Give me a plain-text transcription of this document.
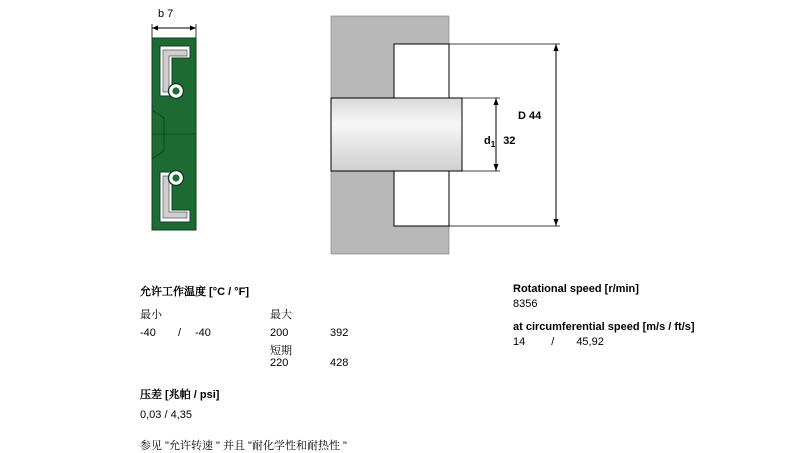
b 7
D 44
$d_1$ 32
允许工作温度 [°C / °F]
最小	最大
-40 / -40	200	392
短期
220	428
压差 [兆帕 / psi]
0,03 / 4,35
参见 "允许转速 " 并且 "耐化学性和耐热性 "
Rotational speed [r/min]
8356
at circumferential speed [m/s / ft/s]
14 / 45,92
